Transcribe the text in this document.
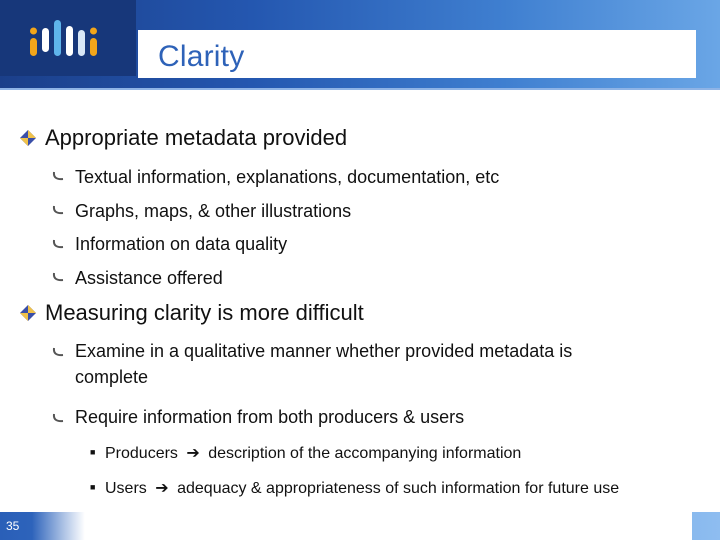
Clarity
Appropriate metadata provided
Textual information, explanations, documentation, etc
Graphs, maps, & other illustrations
Information on data quality
Assistance offered
Measuring clarity is more difficult
Examine in a qualitative manner whether provided metadata is complete
Require information from both producers & users
■ Producers ➔ description of the accompanying information
■ Users ➔ adequacy & appropriateness of such information for future use
35
